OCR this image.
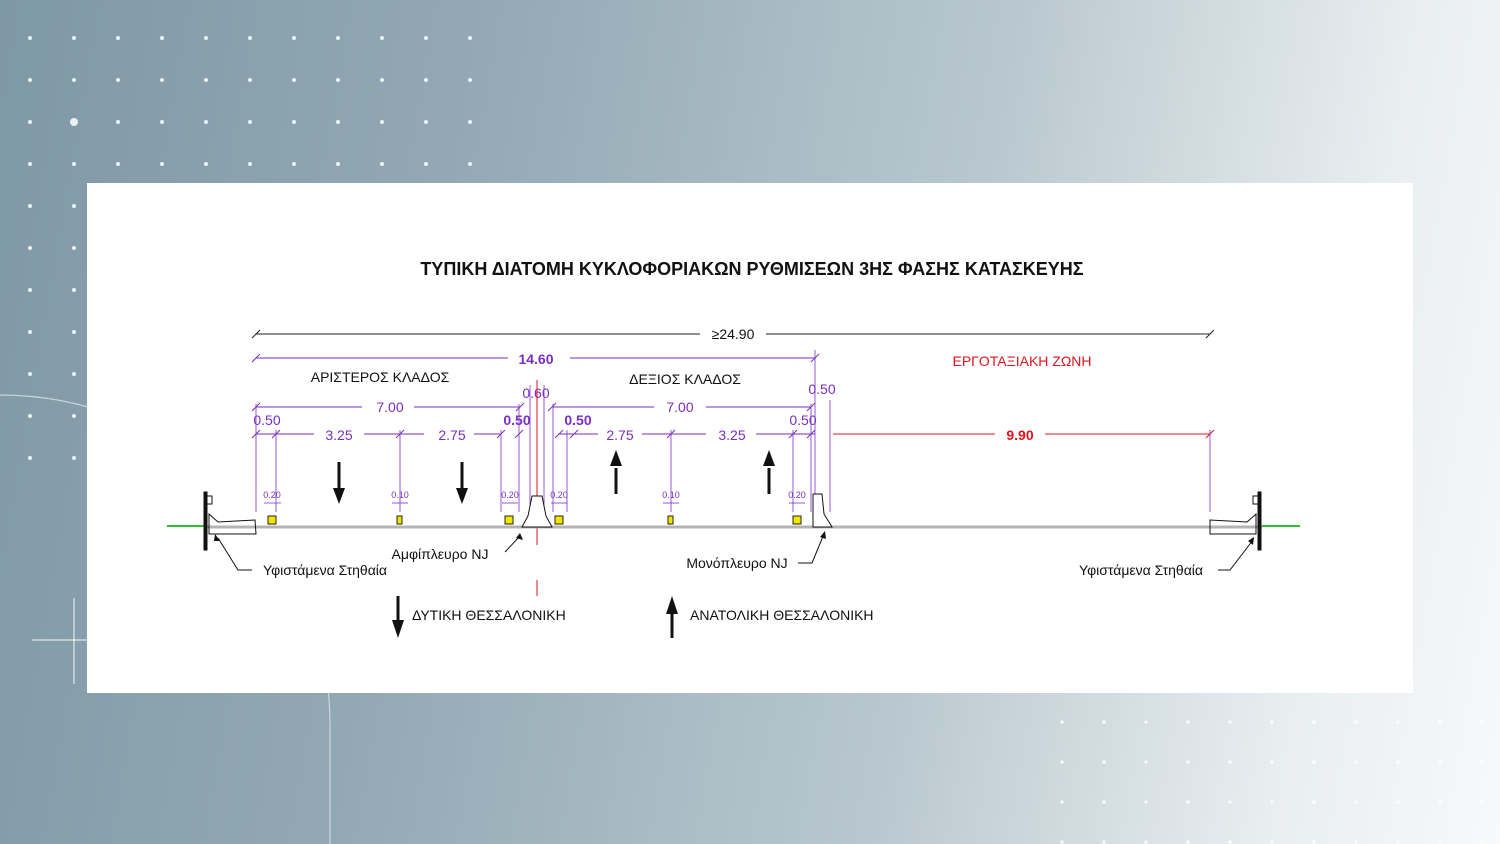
ΤΥΠΙΚΗ ΔΙΑΤΟΜΗ ΚΥΚΛΟΦΟΡΙΑΚΩΝ ΡΥΘΜΙΣΕΩΝ 3ΗΣ ΦΑΣΗΣ ΚΑΤΑΣΚΕΥΗΣ
≥24.90
14.60
ΑΡΙΣΤΕΡΟΣ ΚΛΑΔΟΣ	ΔΕΞΙΟΣ ΚΛΑΔΟΣ
ΕΡΓΟΤΑΞΙΑΚΗ ΖΩΝΗ
0.60	0.50
7.00	7.00
0.50
3.25	2.75
0.50 0.50
2.75	3.25
0.50
9.90
0.20	0.10	0.20	0.20	0.10	0.20
Αμφίπλευρο NJ
Μονόπλευρο NJ
Υφιστάμενα Στηθαία	Υφιστάμενα Στηθαία
ΔΥΤΙΚΗ ΘΕΣΣΑΛΟΝΙΚΗ	ΑΝΑΤΟΛΙΚΗ ΘΕΣΣΑΛΟΝΙΚΗ
